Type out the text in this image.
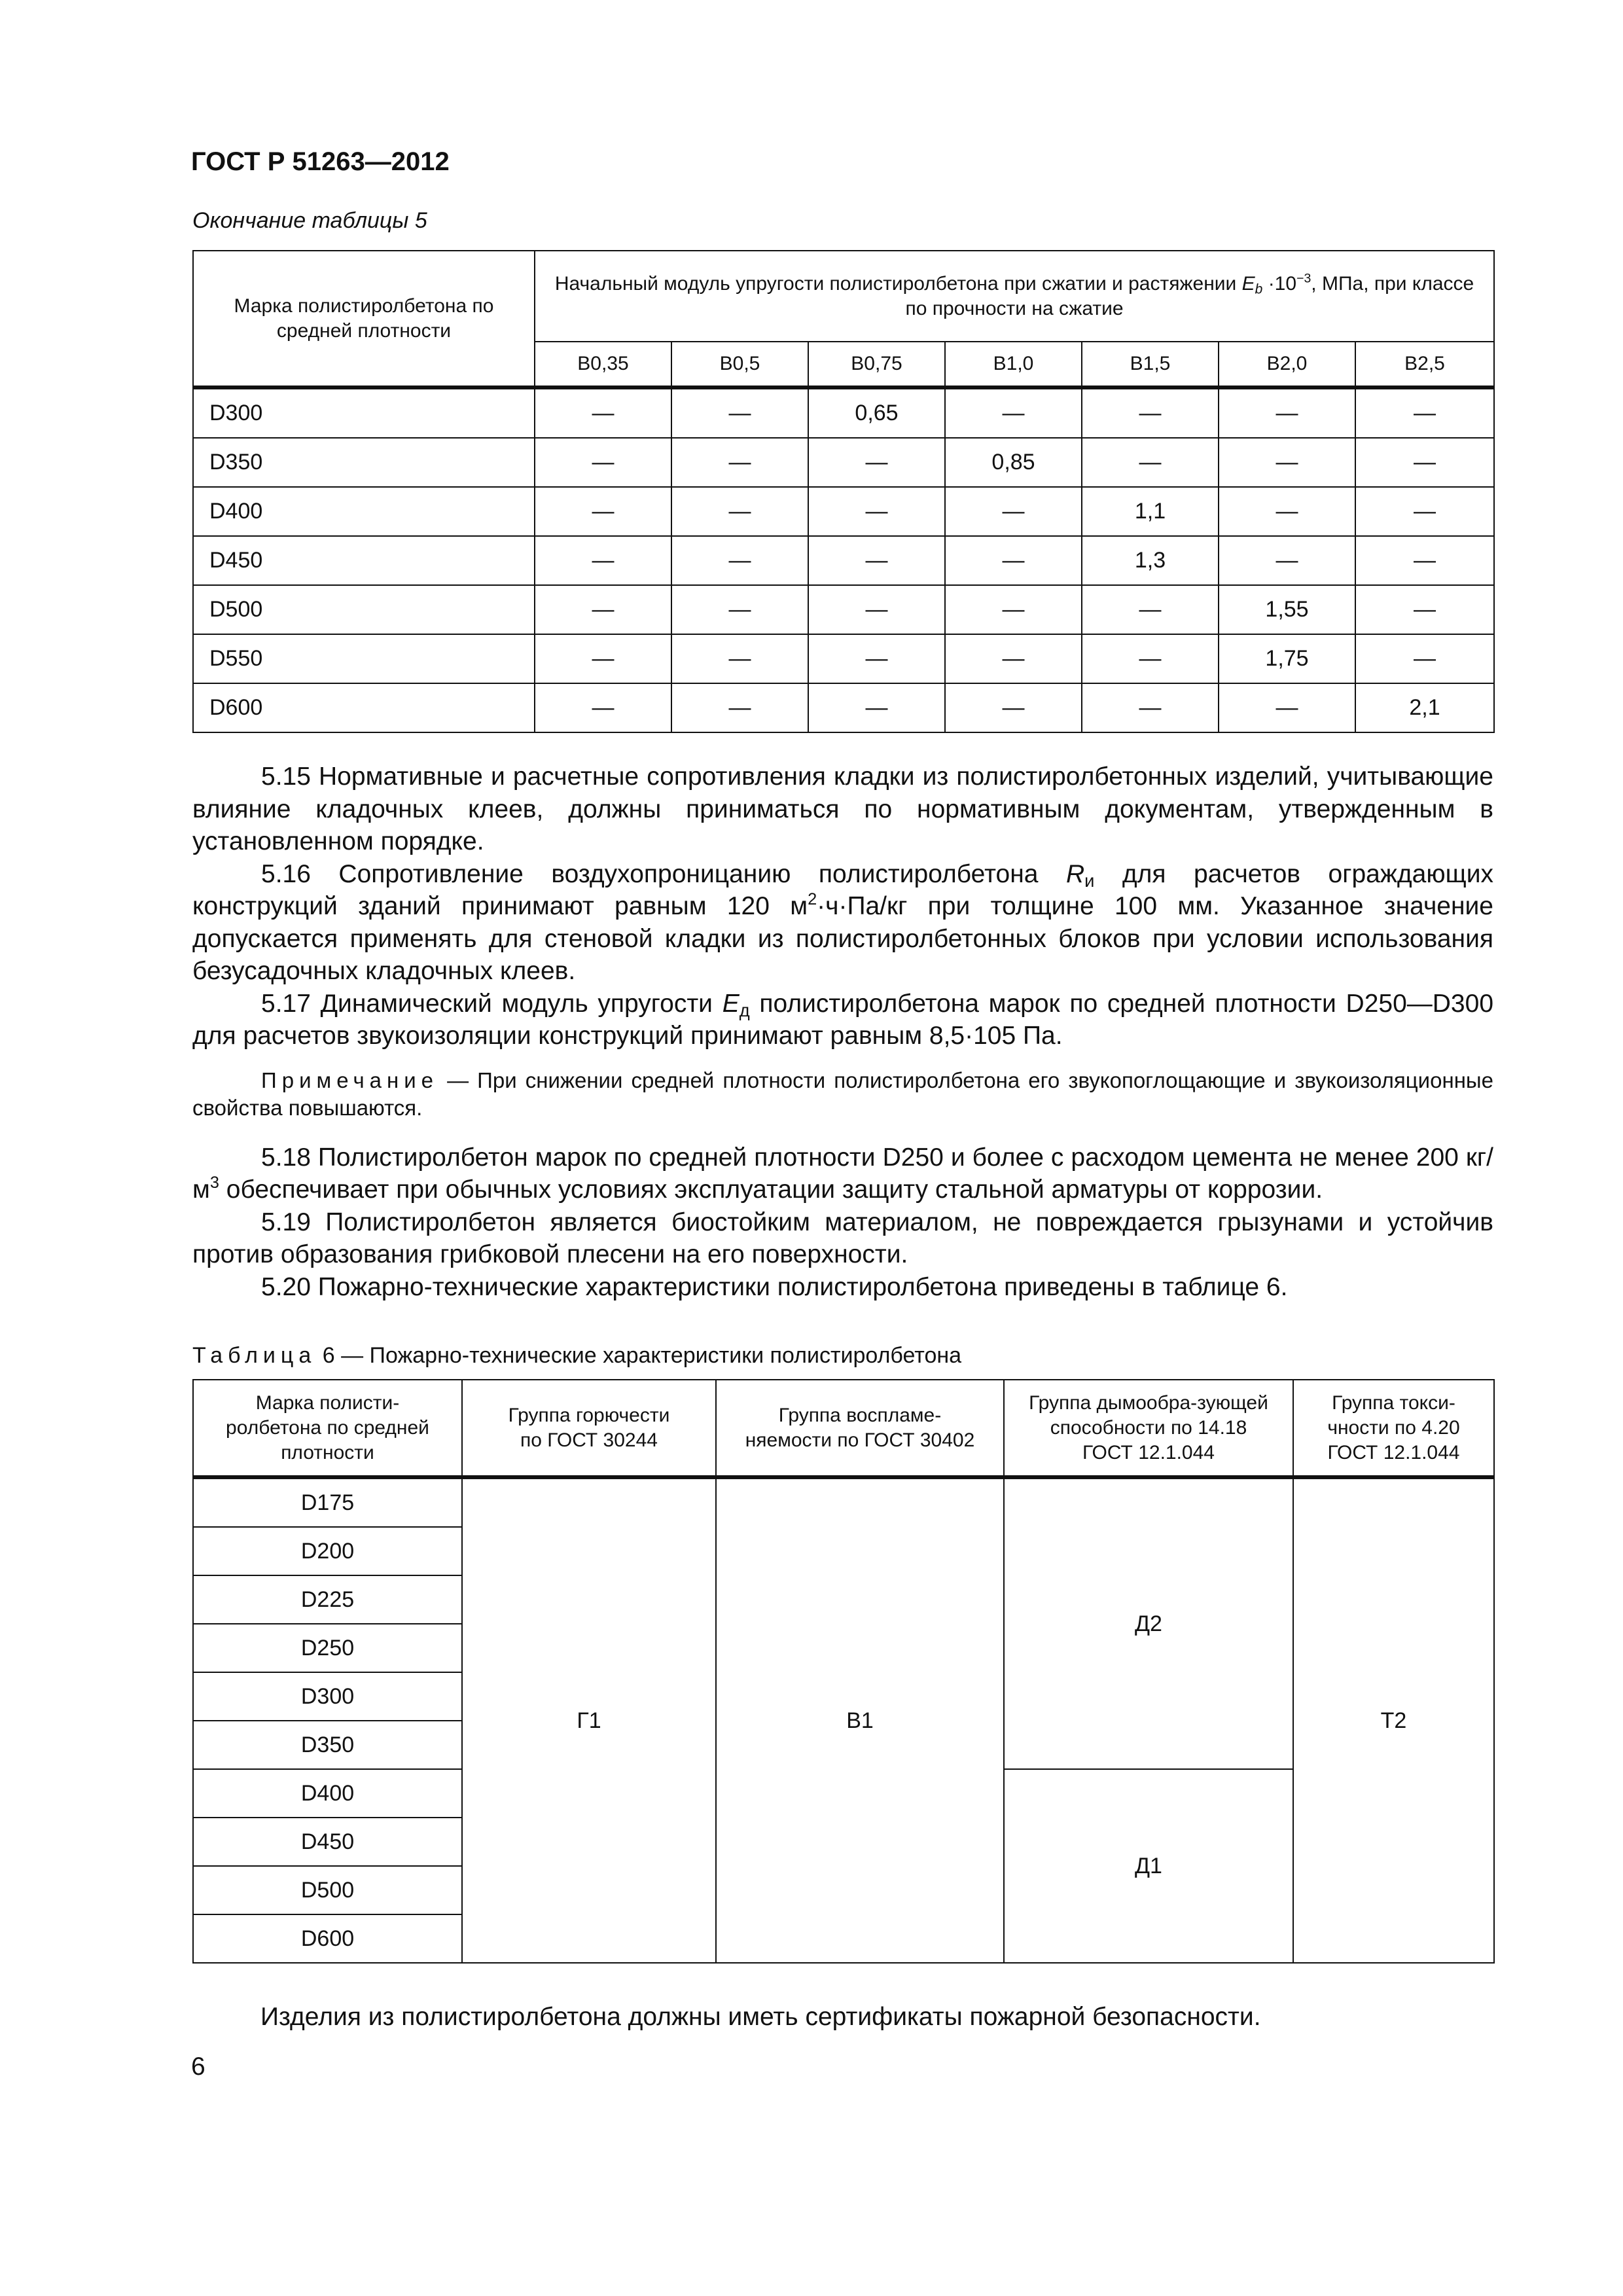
ГОСТ Р 51263—2012
Окончание таблицы 5
Марка полистиролбетона по средней плотности	Начальный модуль упругости полистиролбетона при сжатии и растяжении $E_b \cdot 10^{-3}$, МПа, при классе по прочности на сжатие						
	B0,35	B0,5	B0,75	B1,0	B1,5	B2,0	B2,5
D300	—	—	0,65	—	—	—	—
D350	—	—	—	0,85	—	—	—
D400	—	—	—	—	1,1	—	—
D450	—	—	—	—	1,3	—	—
D500	—	—	—	—	—	1,55	—
D550	—	—	—	—	—	1,75	—
D600	—	—	—	—	—	—	2,1

5.15 Нормативные и расчетные сопротивления кладки из полистиролбетонных изделий, учитывающие влияние кладочных клеев, должны приниматься по нормативным документам, утвержденным в установленном порядке.

5.16 Сопротивление воздухопроницанию полистиролбетона $R_и$ для расчетов ограждающих конструкций зданий принимают равным 120 $м^2\cdot ч\cdot Па/кг$ при толщине 100 мм. Указанное значение допускается применять для стеновой кладки из полистиролбетонных блоков при условии использования безусадочных кладочных клеев.

5.17 Динамический модуль упругости $E_д$ полистиролбетона марок по средней плотности D250—D300 для расчетов звукоизоляции конструкций принимают равным 8,5·105 Па.

Примечание — При снижении средней плотности полистиролбетона его звукопоглощающие и звукоизоляционные свойства повышаются.

5.18 Полистиролбетон марок по средней плотности D250 и более с расходом цемента не менее 200 $кг/м^3$ обеспечивает при обычных условиях эксплуатации защиту стальной арматуры от коррозии.

5.19 Полистиролбетон является биостойким материалом, не повреждается грызунами и устойчив против образования грибковой плесени на его поверхности.

5.20 Пожарно-технические характеристики полистиролбетона приведены в таблице 6.

Таблица 6 — Пожарно-технические характеристики полистиролбетона
Марка полисти-ролбетона по средней плотности	Группа горючести по ГОСТ 30244	Группа воспламе-няемости по ГОСТ 30402	Группа дымообра-зующей способности по 14.18 ГОСТ 12.1.044	Группа токси-чности по 4.20 ГОСТ 12.1.044
D175	Г1	В1	Д2	Т2
D200				
D225				
D250				
D300				
D350				
D400			Д1	
D450				
D500				
D600				
Изделия из полистиролбетона должны иметь сертификаты пожарной безопасности.
6
